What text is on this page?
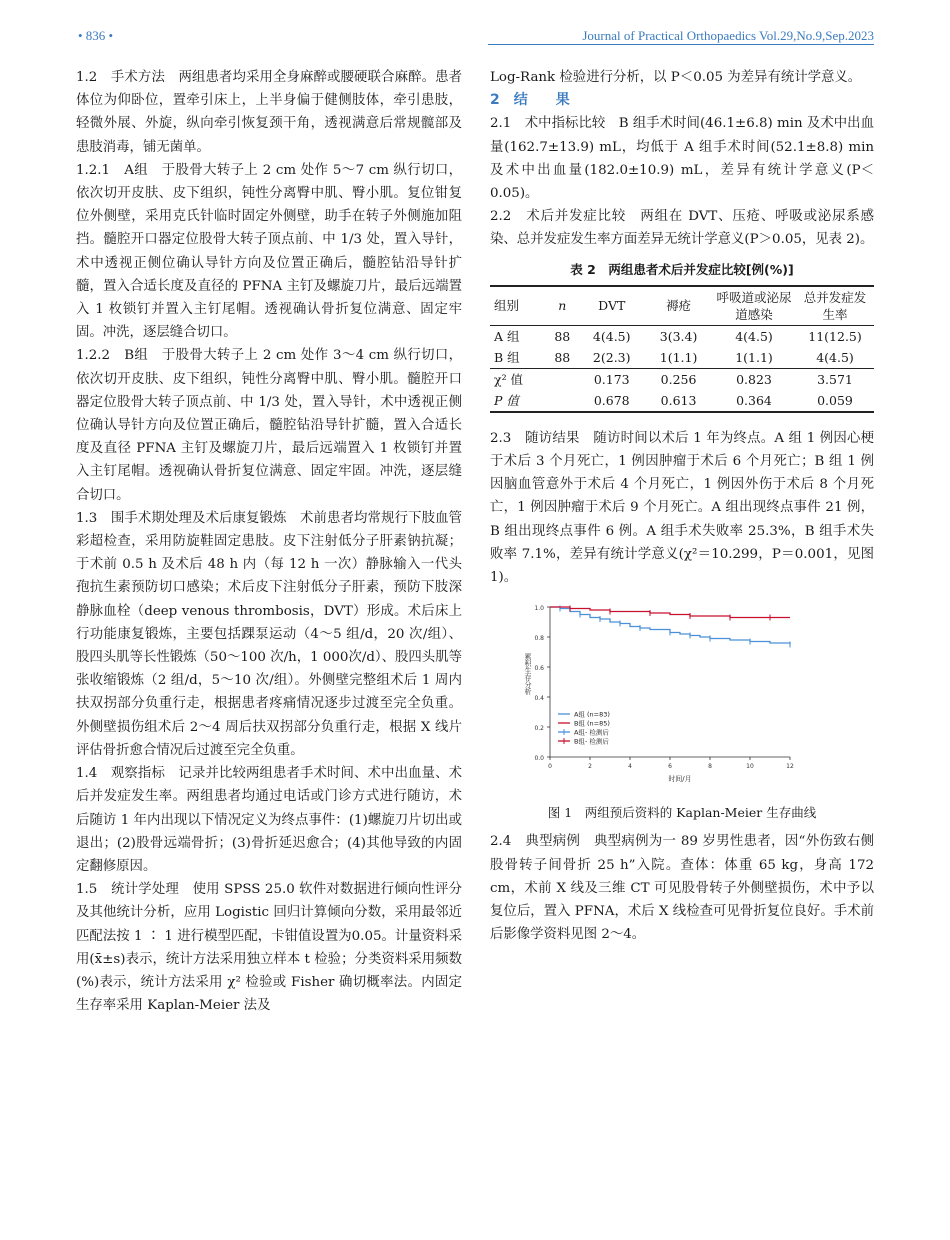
• 836 •	Journal of Practical Orthopaedics Vol.29,No.9,Sep.2023

1.2　手术方法　两组患者均采用全身麻醉或腰硬联合麻醉。患者体位为仰卧位，置牵引床上，上半身偏于健侧肢体，牵引患肢，轻微外展、外旋，纵向牵引恢复颈干角，透视满意后常规髋部及患肢消毒，铺无菌单。

1.2.1　A组　于股骨大转子上 2 cm 处作 5～7 cm 纵行切口，依次切开皮肤、皮下组织，钝性分离臀中肌、臀小肌。复位钳复位外侧壁，采用克氏针临时固定外侧壁，助手在转子外侧施加阻挡。髓腔开口器定位股骨大转子顶点前、中 1/3 处，置入导针，术中透视正侧位确认导针方向及位置正确后，髓腔钻沿导针扩髓，置入合适长度及直径的 PFNA 主钉及螺旋刀片，最后远端置入 1 枚锁钉并置入主钉尾帽。透视确认骨折复位满意、固定牢固。冲洗，逐层缝合切口。

1.2.2　B组　于股骨大转子上 2 cm 处作 3～4 cm 纵行切口，依次切开皮肤、皮下组织，钝性分离臀中肌、臀小肌。髓腔开口器定位股骨大转子顶点前、中 1/3 处，置入导针，术中透视正侧位确认导针方向及位置正确后，髓腔钻沿导针扩髓，置入合适长度及直径 PFNA 主钉及螺旋刀片，最后远端置入 1 枚锁钉并置入主钉尾帽。透视确认骨折复位满意、固定牢固。冲洗，逐层缝合切口。

1.3　围手术期处理及术后康复锻炼　术前患者均常规行下肢血管彩超检查，采用防旋鞋固定患肢。皮下注射低分子肝素钠抗凝；于术前 0.5 h 及术后 48 h 内（每 12 h 一次）静脉输入一代头孢抗生素预防切口感染；术后皮下注射低分子肝素，预防下肢深静脉血栓（deep venous thrombosis，DVT）形成。术后床上行功能康复锻炼，主要包括踝泵运动（4～5 组/d，20 次/组）、股四头肌等长性锻炼（50～100 次/h，1 000次/d）、股四头肌等张收缩锻炼（2 组/d，5～10 次/组）。外侧壁完整组术后 1 周内扶双拐部分负重行走，根据患者疼痛情况逐步过渡至完全负重。外侧壁损伤组术后 2～4 周后扶双拐部分负重行走，根据 X 线片评估骨折愈合情况后过渡至完全负重。

1.4　观察指标　记录并比较两组患者手术时间、术中出血量、术后并发症发生率。两组患者均通过电话或门诊方式进行随访，术后随访 1 年内出现以下情况定义为终点事件：(1)螺旋刀片切出或退出；(2)股骨远端骨折；(3)骨折延迟愈合；(4)其他导致的内固定翻修原因。

1.5　统计学处理　使用 SPSS 25.0 软件对数据进行倾向性评分及其他统计分析，应用 Logistic 回归计算倾向分数，采用最邻近匹配法按 1 ∶ 1 进行模型匹配，卡钳值设置为0.05。计量资料采用(x̄±s)表示，统计方法采用独立样本 t 检验；分类资料采用频数(%)表示，统计方法采用 χ² 检验或 Fisher 确切概率法。内固定生存率采用 Kaplan-Meier 法及

Log-Rank 检验进行分析，以 P＜0.05 为差异有统计学意义。

2　结　　果

2.1　术中指标比较　B 组手术时间(46.1±6.8) min 及术中出血量(162.7±13.9) mL，均低于 A 组手术时间(52.1±8.8) min 及术中出血量(182.0±10.9) mL，差异有统计学意义(P＜0.05)。

2.2　术后并发症比较　两组在 DVT、压疮、呼吸或泌尿系感染、总并发症发生率方面差异无统计学意义(P＞0.05，见表 2)。

表 2　两组患者术后并发症比较[例(%)]
组别	n	DVT	褥疮	呼吸道或泌尿道感染	总并发症发生率
A 组	88	4(4.5)	3(3.4)	4(4.5)	11(12.5)
B 组	88	2(2.3)	1(1.1)	1(1.1)	4(4.5)
χ² 值		0.173	0.256	0.823	3.571
P 值		0.678	0.613	0.364	0.059

2.3　随访结果　随访时间以术后 1 年为终点。A 组 1 例因心梗于术后 3 个月死亡，1 例因肿瘤于术后 6 个月死亡；B 组 1 例因脑血管意外于术后 4 个月死亡，1 例因外伤于术后 8 个月死亡，1 例因肿瘤于术后 9 个月死亡。A 组出现终点事件 21 例，B 组出现终点事件 6 例。A 组手术失败率 25.3%，B 组手术失败率 7.1%，差异有统计学意义(χ²＝10.299，P＝0.001，见图 1)。

0.0
0.2
0.4
0.6
0.8
1.0
0	2	4	6	8	10	12
时间/月
累积生存分析
A组 (n=83)
B组 (n=85)
A组- 检测后
B组- 检测后
图 1　两组预后资料的 Kaplan-Meier 生存曲线

2.4　典型病例　典型病例为一 89 岁男性患者，因“外伤致右侧股骨转子间骨折 25 h”入院。查体：体重 65 kg，身高 172 cm，术前 X 线及三维 CT 可见股骨转子外侧壁损伤，术中予以复位后，置入 PFNA，术后 X 线检查可见骨折复位良好。手术前后影像学资料见图 2～4。
